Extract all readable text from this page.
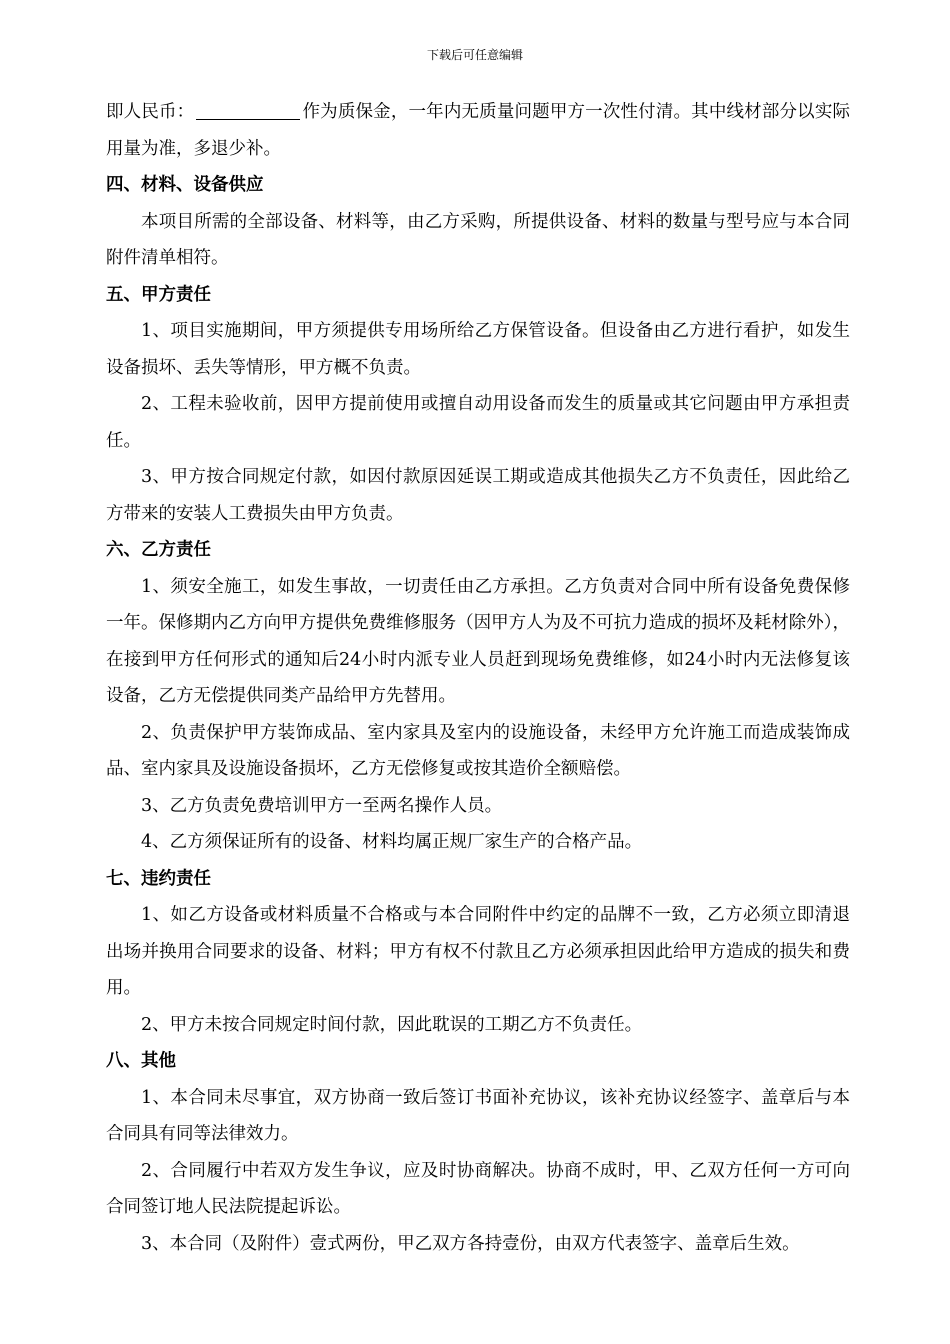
下载后可任意编辑

即人民币：	作为质保金，一年内无质量问题甲方一次性付清。其中线材部分以实际用量为准，多退少补。

四、材料、设备供应

本项目所需的全部设备、材料等，由乙方采购，所提供设备、材料的数量与型号应与本合同附件清单相符。

五、甲方责任

1、项目实施期间，甲方须提供专用场所给乙方保管设备。但设备由乙方进行看护，如发生设备损坏、丢失等情形，甲方概不负责。

2、工程未验收前，因甲方提前使用或擅自动用设备而发生的质量或其它问题由甲方承担责任。

3、甲方按合同规定付款，如因付款原因延误工期或造成其他损失乙方不负责任，因此给乙方带来的安装人工费损失由甲方负责。

六、乙方责任

1、须安全施工，如发生事故，一切责任由乙方承担。乙方负责对合同中所有设备免费保修一年。保修期内乙方向甲方提供免费维修服务（因甲方人为及不可抗力造成的损坏及耗材除外），在接到甲方任何形式的通知后24小时内派专业人员赶到现场免费维修，如24小时内无法修复该设备，乙方无偿提供同类产品给甲方先替用。

2、负责保护甲方装饰成品、室内家具及室内的设施设备，未经甲方允许施工而造成装饰成品、室内家具及设施设备损坏，乙方无偿修复或按其造价全额赔偿。

3、乙方负责免费培训甲方一至两名操作人员。

4、乙方须保证所有的设备、材料均属正规厂家生产的合格产品。

七、违约责任

1、如乙方设备或材料质量不合格或与本合同附件中约定的品牌不一致，乙方必须立即清退出场并换用合同要求的设备、材料；甲方有权不付款且乙方必须承担因此给甲方造成的损失和费用。

2、甲方未按合同规定时间付款，因此耽误的工期乙方不负责任。

八、其他

1、本合同未尽事宜，双方协商一致后签订书面补充协议，该补充协议经签字、盖章后与本合同具有同等法律效力。

2、合同履行中若双方发生争议，应及时协商解决。协商不成时，甲、乙双方任何一方可向合同签订地人民法院提起诉讼。

3、本合同（及附件）壹式两份，甲乙双方各持壹份，由双方代表签字、盖章后生效。
